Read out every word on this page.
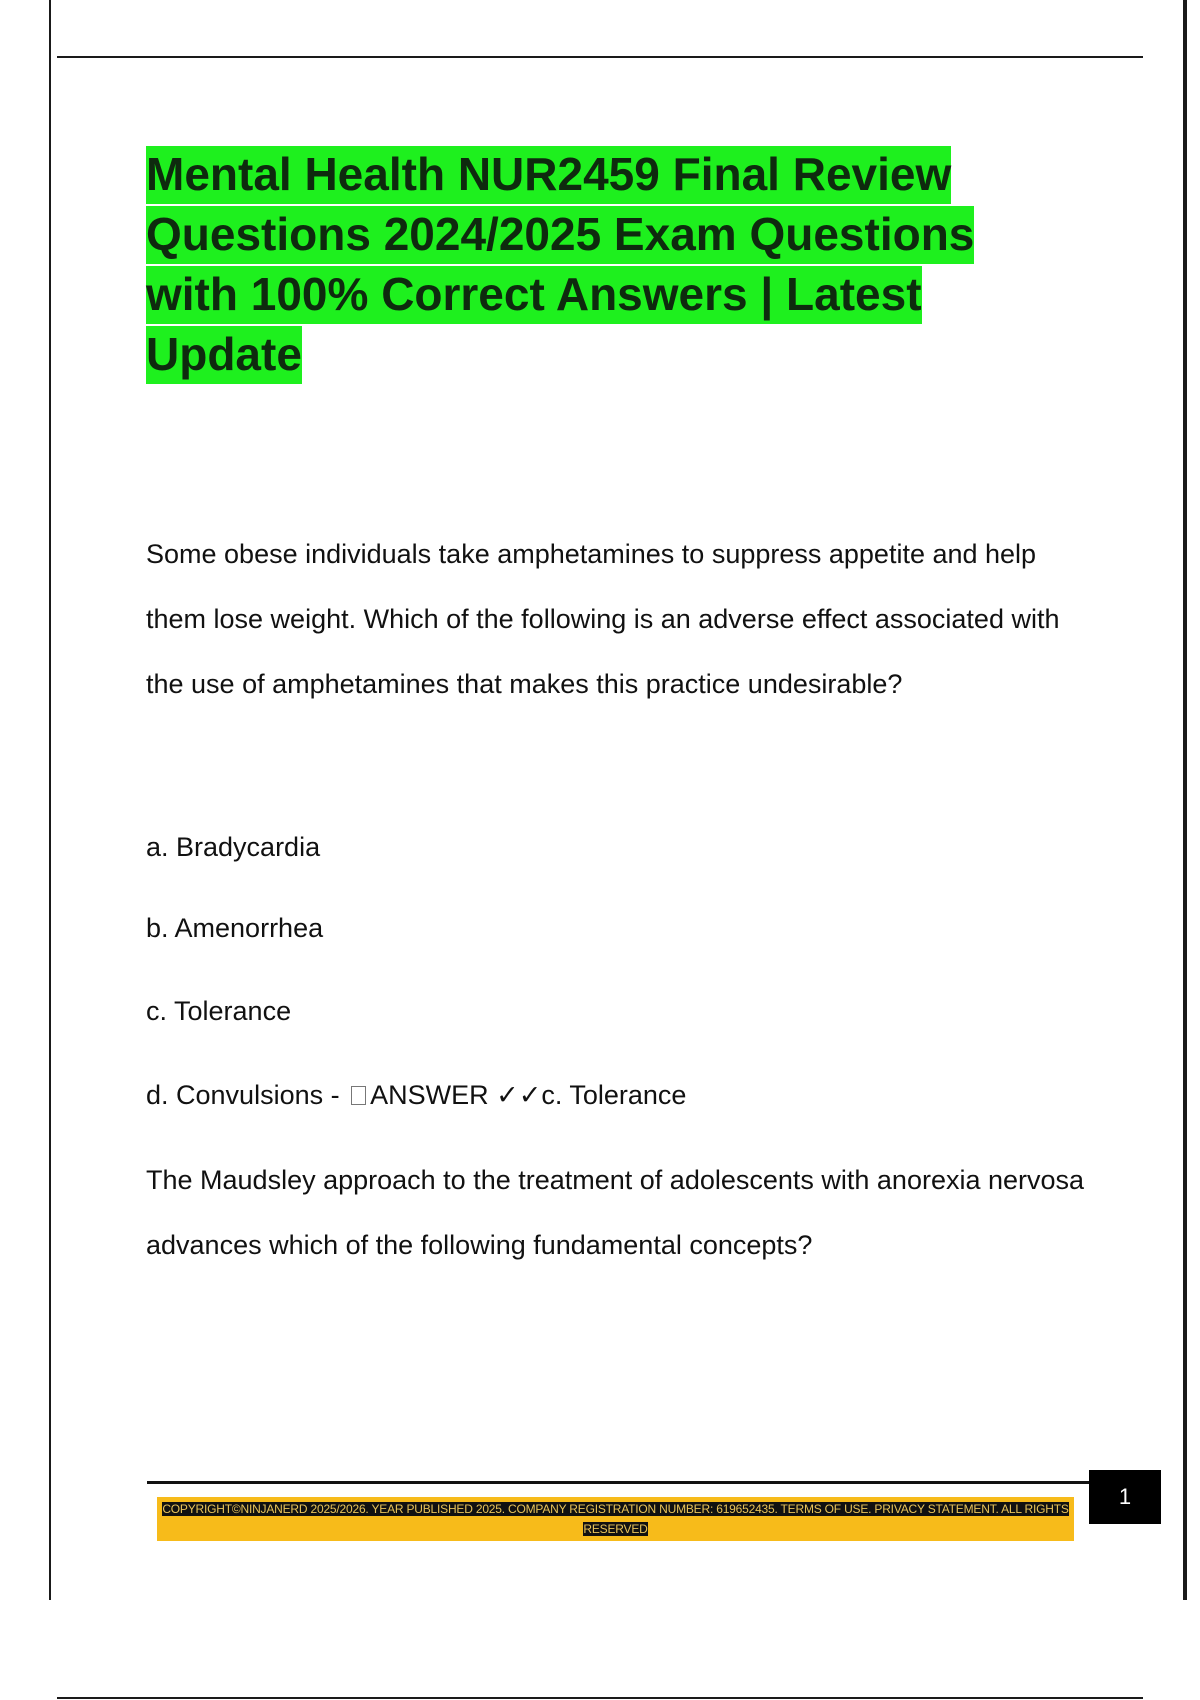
Mental Health NUR2459 Final Review Questions 2024/2025 Exam Questions with 100% Correct Answers | Latest Update

Some obese individuals take amphetamines to suppress appetite and help them lose weight. Which of the following is an adverse effect associated with the use of amphetamines that makes this practice undesirable?

a. Bradycardia

b. Amenorrhea

c. Tolerance

d. Convulsions - ANSWER ✓✓c. Tolerance

The Maudsley approach to the treatment of adolescents with anorexia nervosa advances which of the following fundamental concepts?

COPYRIGHT©NINJANERD 2025/2026. YEAR PUBLISHED 2025. COMPANY REGISTRATION NUMBER: 619652435. TERMS OF USE. PRIVACY STATEMENT. ALL RIGHTS RESERVED
1
